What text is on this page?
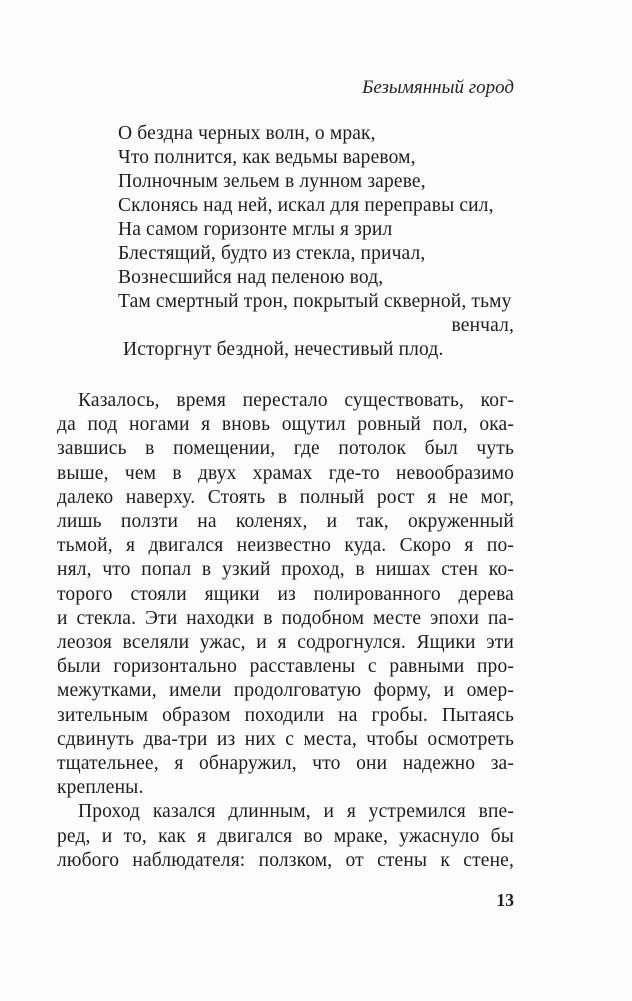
Безымянный город
О бездна черных волн, о мрак,
Что полнится, как ведьмы варевом,
Полночным зельем в лунном зареве,
Склонясь над ней, искал для переправы сил,
На самом горизонте мглы я зрил
Блестящий, будто из стекла, причал,
Вознесшийся над пеленою вод,
Там смертный трон, покрытый скверной, тьму
венчал,
Исторгнут бездной, нечестивый плод.
Казалось, время перестало существовать, ког-
да под ногами я вновь ощутил ровный пол, ока-
завшись в помещении, где потолок был чуть
выше, чем в двух храмах где-то невообразимо
далеко наверху. Стоять в полный рост я не мог,
лишь ползти на коленях, и так, окруженный
тьмой, я двигался неизвестно куда. Скоро я по-
нял, что попал в узкий проход, в нишах стен ко-
торого стояли ящики из полированного дерева
и стекла. Эти находки в подобном месте эпохи па-
леозоя вселяли ужас, и я содрогнулся. Ящики эти
были горизонтально расставлены с равными про-
межутками, имели продолговатую форму, и омер-
зительным образом походили на гробы. Пытаясь
сдвинуть два-три из них с места, чтобы осмотреть
тщательнее, я обнаружил, что они надежно за-
креплены.
Проход казался длинным, и я устремился впе-
ред, и то, как я двигался во мраке, ужаснуло бы
любого наблюдателя: ползком, от стены к стене,
13
